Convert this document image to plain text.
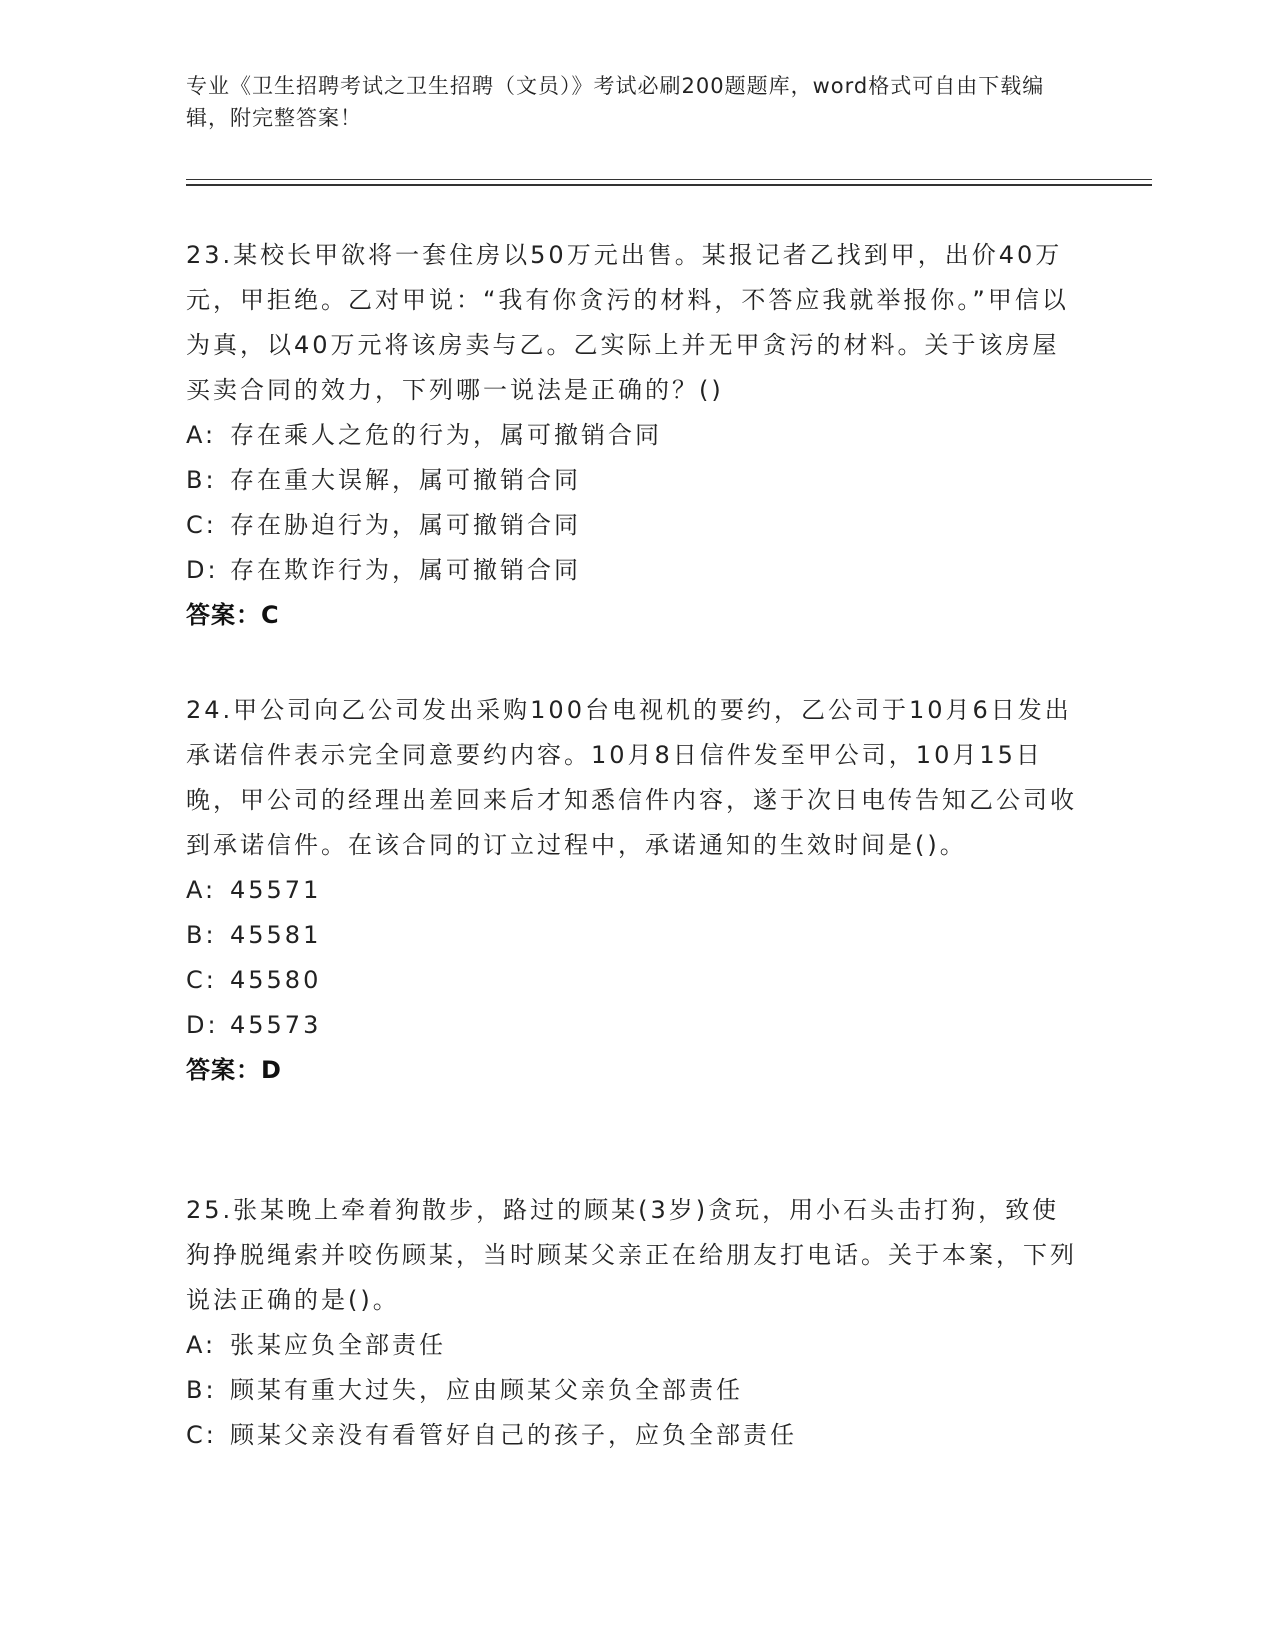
专业《卫生招聘考试之卫生招聘（文员）》考试必刷200题题库，word格式可自由下载编辑，附完整答案！

23.某校长甲欲将一套住房以50万元出售。某报记者乙找到甲，出价40万元，甲拒绝。乙对甲说：“我有你贪污的材料，不答应我就举报你。”甲信以为真，以40万元将该房卖与乙。乙实际上并无甲贪污的材料。关于该房屋买卖合同的效力，下列哪一说法是正确的？()

A: 存在乘人之危的行为，属可撤销合同

B: 存在重大误解，属可撤销合同

C: 存在胁迫行为，属可撤销合同

D: 存在欺诈行为，属可撤销合同

答案：C

24.甲公司向乙公司发出采购100台电视机的要约，乙公司于10月6日发出承诺信件表示完全同意要约内容。10月8日信件发至甲公司，10月15日晚，甲公司的经理出差回来后才知悉信件内容，遂于次日电传告知乙公司收到承诺信件。在该合同的订立过程中，承诺通知的生效时间是()。

A: 45571

B: 45581

C: 45580

D: 45573

答案：D

25.张某晚上牵着狗散步，路过的顾某(3岁)贪玩，用小石头击打狗，致使狗挣脱绳索并咬伤顾某，当时顾某父亲正在给朋友打电话。关于本案，下列说法正确的是()。

A: 张某应负全部责任

B: 顾某有重大过失，应由顾某父亲负全部责任

C: 顾某父亲没有看管好自己的孩子，应负全部责任
